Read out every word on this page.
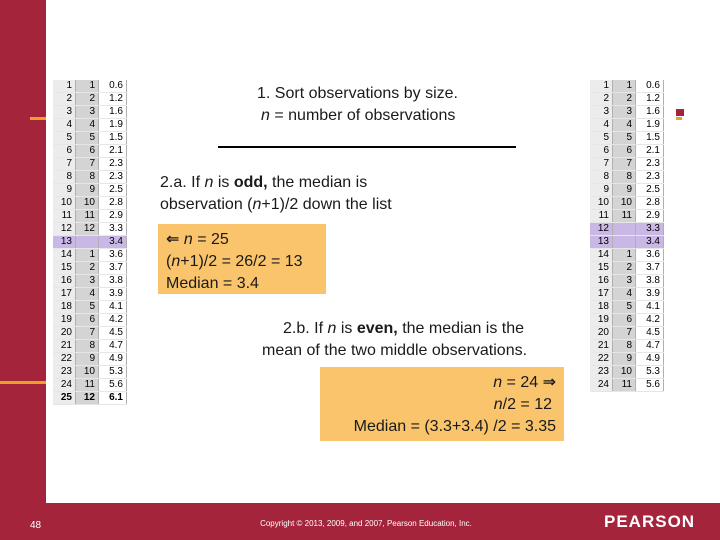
1	1	0.6
2	2	1.2
3	3	1.6
4	4	1.9
5	5	1.5
6	6	2.1
7	7	2.3
8	8	2.3
9	9	2.5
10	10	2.8
11	11	2.9
12	12	3.3
13		3.4
14	1	3.6
15	2	3.7
16	3	3.8
17	4	3.9
18	5	4.1
19	6	4.2
20	7	4.5
21	8	4.7
22	9	4.9
23	10	5.3
24	11	5.6
25	12	6.1
1. Sort observations by size.
n = number of observations
2.a. If n is odd, the median is
observation (n+1)/2 down the list
⇐ n = 25
(n+1)/2 = 26/2 = 13
Median = 3.4
2.b. If n is even, the median is the
mean of the two middle observations.
n = 24 ⇒
n/2 = 12
Median = (3.3+3.4) /2 = 3.35
1	1	0.6
2	2	1.2
3	3	1.6
4	4	1.9
5	5	1.5
6	6	2.1
7	7	2.3
8	8	2.3
9	9	2.5
10	10	2.8
11	11	2.9
12		3.3
13		3.4
14	1	3.6
15	2	3.7
16	3	3.8
17	4	3.9
18	5	4.1
19	6	4.2
20	7	4.5
21	8	4.7
22	9	4.9
23	10	5.3
24	11	5.6
48	Copyright © 2013, 2009, and 2007, Pearson Education, Inc.	PEARSON
